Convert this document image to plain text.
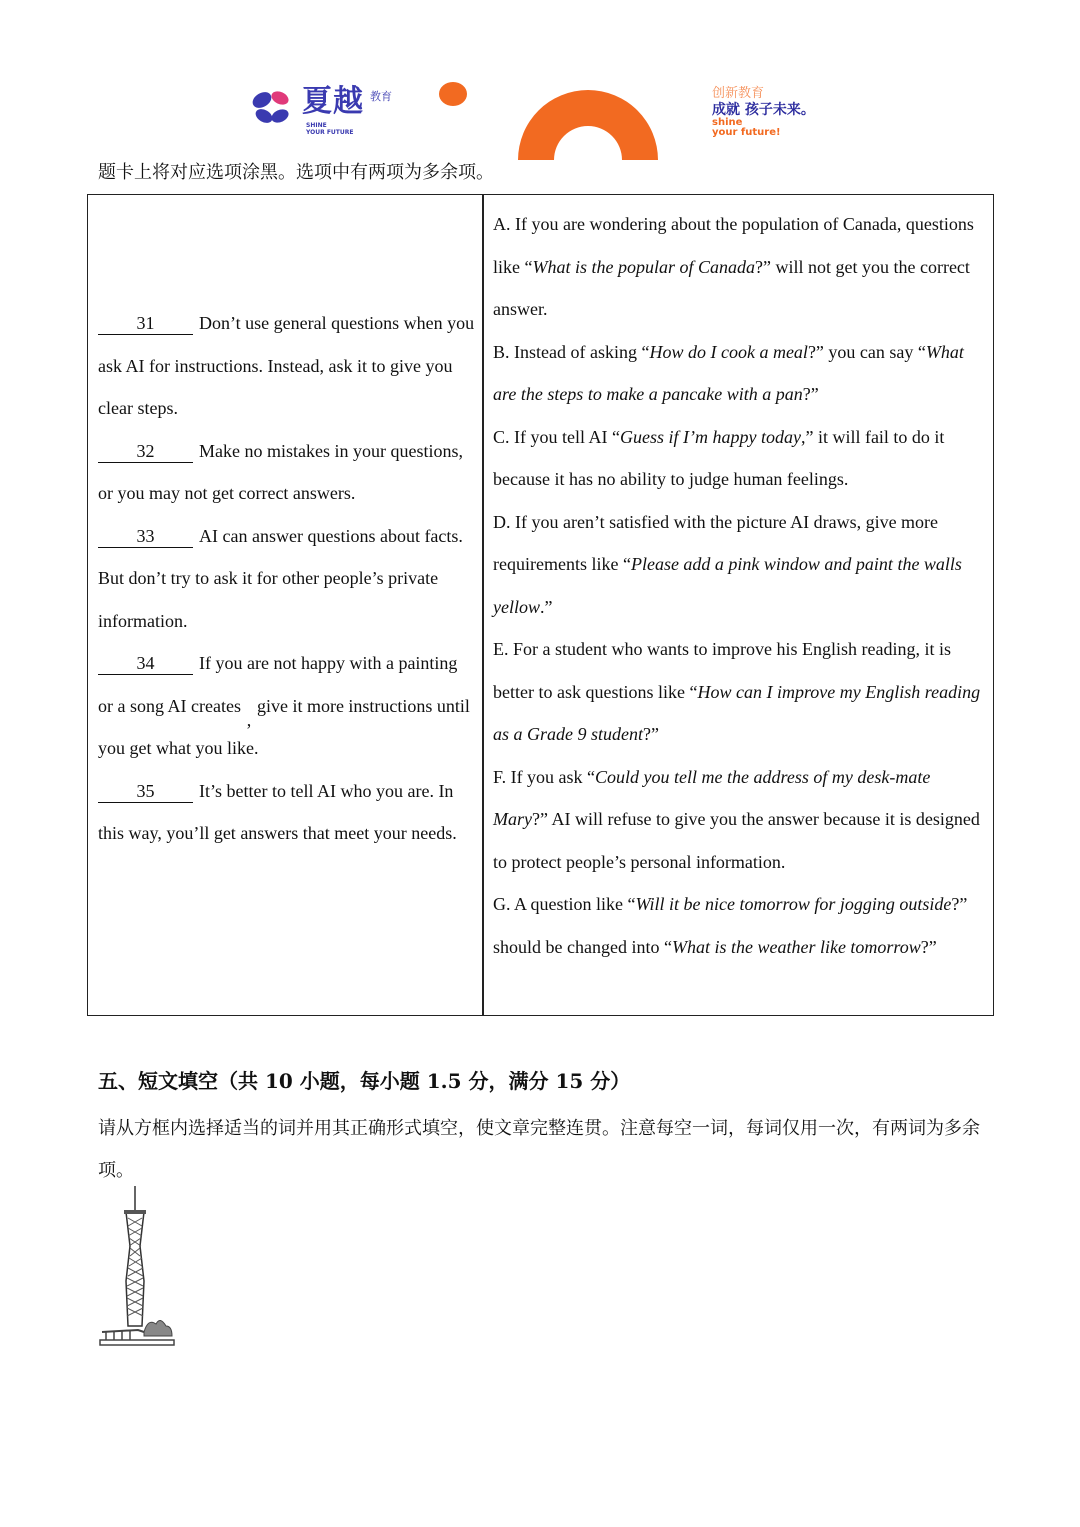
夏越 教育
SHINE
YOUR FUTURE
创新教育
成就 孩子未来。
shine
your future!
题卡上将对应选项涂黑。选项中有两项为多余项。

31 Don’t use general questions when you ask AI for instructions. Instead, ask it to give you clear steps.

32 Make no mistakes in your questions, or you may not get correct answers.

33 AI can answer questions about facts. But don’t try to ask it for other people’s private information.

34 If you are not happy with a painting or a song AI creates,give it more instructions until you get what you like.

35 It’s better to tell AI who you are. In this way, you’ll get answers that meet your needs.

A. If you are wondering about the population of Canada, questions like “What is the popular of Canada?” will not get you the correct answer.

B. Instead of asking “How do I cook a meal?” you can say “What are the steps to make a pancake with a pan?”

C. If you tell AI “Guess if I’m happy today,” it will fail to do it because it has no ability to judge human feelings.

D. If you aren’t satisfied with the picture AI draws, give more requirements like “Please add a pink window and paint the walls yellow.”

E. For a student who wants to improve his English reading, it is better to ask questions like “How can I improve my English reading as a Grade 9 student?”

F. If you ask “Could you tell me the address of my desk-mate Mary?” AI will refuse to give you the answer because it is designed to protect people’s personal information.

G. A question like “Will it be nice tomorrow for jogging outside?” should be changed into “What is the weather like tomorrow?”

五、短文填空（共 10 小题，每小题 1.5 分，满分 15 分）
请从方框内选择适当的词并用其正确形式填空，使文章完整连贯。注意每空一词，每词仅用一次，有两词为多余项。
